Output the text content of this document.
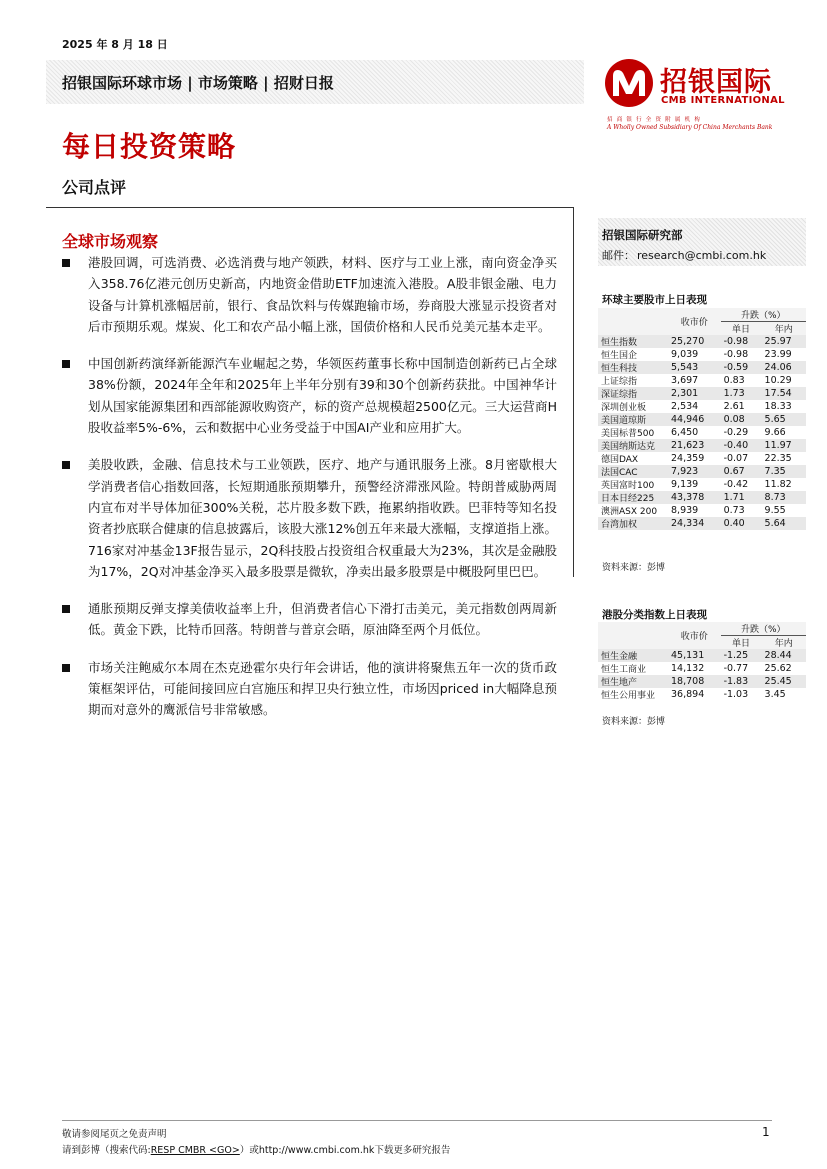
2025 年 8 月 18 日
招银国际环球市场 | 市场策略 | 招财日报	招银国际
CMB INTERNATIONAL
招商银行全资附属机构
A Wholly Owned Subsidiary Of China Merchants Bank
每日投资策略
公司点评
全球市场观察
港股回调，可选消费、必选消费与地产领跌，材料、医疗与工业上涨，南向资金净买入358.76亿港元创历史新高，内地资金借助ETF加速流入港股。A股非银金融、电力设备与计算机涨幅居前，银行、食品饮料与传媒跑输市场，券商股大涨显示投资者对后市预期乐观。煤炭、化工和农产品小幅上涨，国债价格和人民币兑美元基本走平。
中国创新药演绎新能源汽车业崛起之势，华领医药董事长称中国制造创新药已占全球38%份额，2024年全年和2025年上半年分别有39和30个创新药获批。中国神华计划从国家能源集团和西部能源收购资产，标的资产总规模超2500亿元。三大运营商H股收益率5%-6%，云和数据中心业务受益于中国AI产业和应用扩大。
美股收跌，金融、信息技术与工业领跌，医疗、地产与通讯服务上涨。8月密歇根大学消费者信心指数回落，长短期通胀预期攀升，预警经济滞涨风险。特朗普威胁两周内宣布对半导体加征300%关税，芯片股多数下跌，拖累纳指收跌。巴菲特等知名投资者抄底联合健康的信息披露后，该股大涨12%创五年来最大涨幅，支撑道指上涨。716家对冲基金13F报告显示，2Q科技股占投资组合权重最大为23%，其次是金融股为17%，2Q对冲基金净买入最多股票是微软，净卖出最多股票是中概股阿里巴巴。
通胀预期反弹支撑美债收益率上升，但消费者信心下滑打击美元，美元指数创两周新低。黄金下跌，比特币回落。特朗普与普京会晤，原油降至两个月低位。
市场关注鲍威尔本周在杰克逊霍尔央行年会讲话，他的演讲将聚焦五年一次的货币政策框架评估，可能间接回应白宫施压和捍卫央行独立性，市场因priced in大幅降息预期而对意外的鹰派信号非常敏感。
招银国际研究部
邮件： research@cmbi.com.hk
环球主要股市上日表现
	收市价	升跌（%）	
		单日	年内
恒生指数	25,270	-0.98	25.97
恒生国企	9,039	-0.98	23.99
恒生科技	5,543	-0.59	24.06
上证综指	3,697	0.83	10.29
深证综指	2,301	1.73	17.54
深圳创业板	2,534	2.61	18.33
美国道琼斯	44,946	0.08	5.65
美国标普500	6,450	-0.29	9.66
美国纳斯达克	21,623	-0.40	11.97
德国DAX	24,359	-0.07	22.35
法国CAC	7,923	0.67	7.35
英国富时100	9,139	-0.42	11.82
日本日经225	43,378	1.71	8.73
澳洲ASX 200	8,939	0.73	9.55
台湾加权	24,334	0.40	5.64
资料来源：彭博
港股分类指数上日表现
	收市价	升跌（%）	
		单日	年内
恒生金融	45,131	-1.25	28.44
恒生工商业	14,132	-0.77	25.62
恒生地产	18,708	-1.83	25.45
恒生公用事业	36,894	-1.03	3.45
资料来源：彭博
敬请参阅尾页之免责声明
请到彭博（搜索代码:RESP CMBR <GO>）或http://www.cmbi.com.hk下载更多研究报告
1
